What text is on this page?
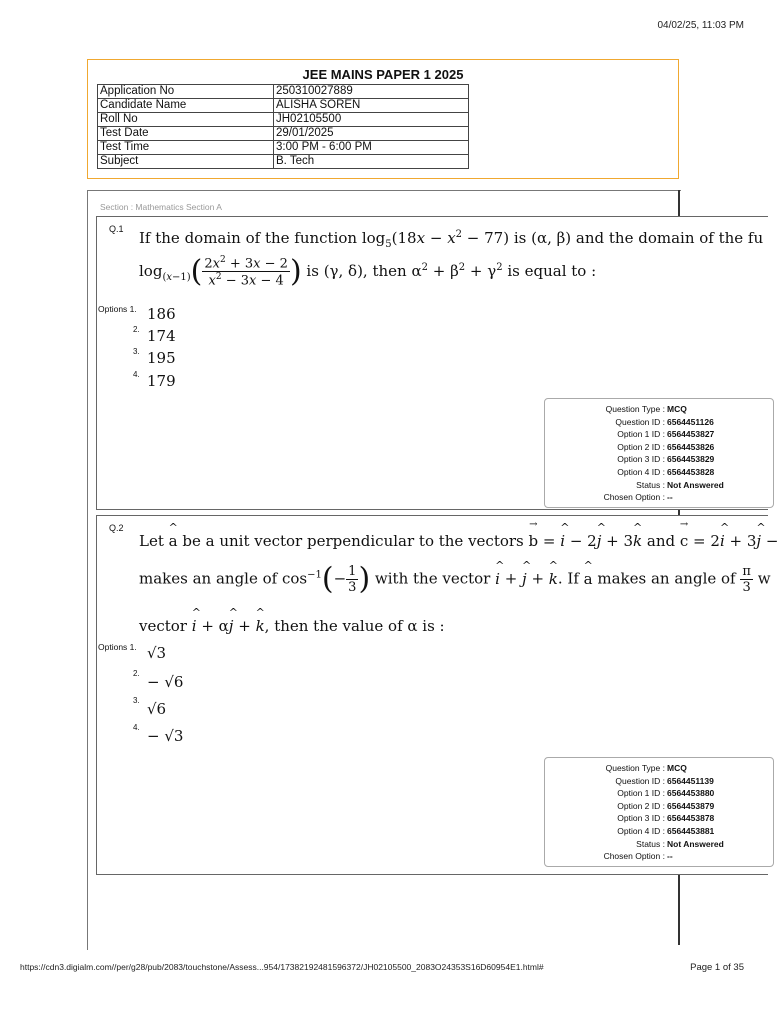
04/02/25, 11:03 PM
JEE MAINS PAPER 1 2025
Application No	250310027889
Candidate Name	ALISHA SOREN
Roll No	JH02105500
Test Date	29/01/2025
Test Time	3:00 PM - 6:00 PM
Subject	B. Tech
Section : Mathematics Section A
Q.1 If the domain of the function $\log_5(18x - x^2 - 77)$ is (α, β) and the domain of the fu
$\log_{(x-1)}( \frac{2x^2 + 3x - 2}{x^2 - 3x - 4}$ ) is (γ, δ), then $\alpha^2 + \beta^2 + \gamma^2$ is equal to :
Options 1. 186
2. 174
3. 195
4. 179
Question Type : MCQ
Question ID : 6564451126
Option 1 ID : 6564453827
Option 2 ID : 6564453826
Option 3 ID : 6564453829
Option 4 ID : 6564453828
Status : Not Answered
Chosen Option : --
Q.2
Let ^ a be a unit vector perpendicular to the vectors → b = ^ i − 2^ j + 3^ k and → c = 2^ i + 3^ j −
makes an angle of $\cos^{-1}(- \frac{1}{3}$ ) with the vector ^ i + ^ j + ^ k. If ^ a makes an angle of $\frac{\pi}{3}$ w
vector ^ i + α^ j + ^ k, then the value of α is :
Options 1. √3
2. − √6
3. √6
4. − √3
Question Type : MCQ
Question ID : 6564451139
Option 1 ID : 6564453880
Option 2 ID : 6564453879
Option 3 ID : 6564453878
Option 4 ID : 6564453881
Status : Not Answered
Chosen Option : --
https://cdn3.digialm.com//per/g28/pub/2083/touchstone/Assess...954/17382192481596372/JH02105500_2083O24353S16D60954E1.html#	Page 1 of 35
